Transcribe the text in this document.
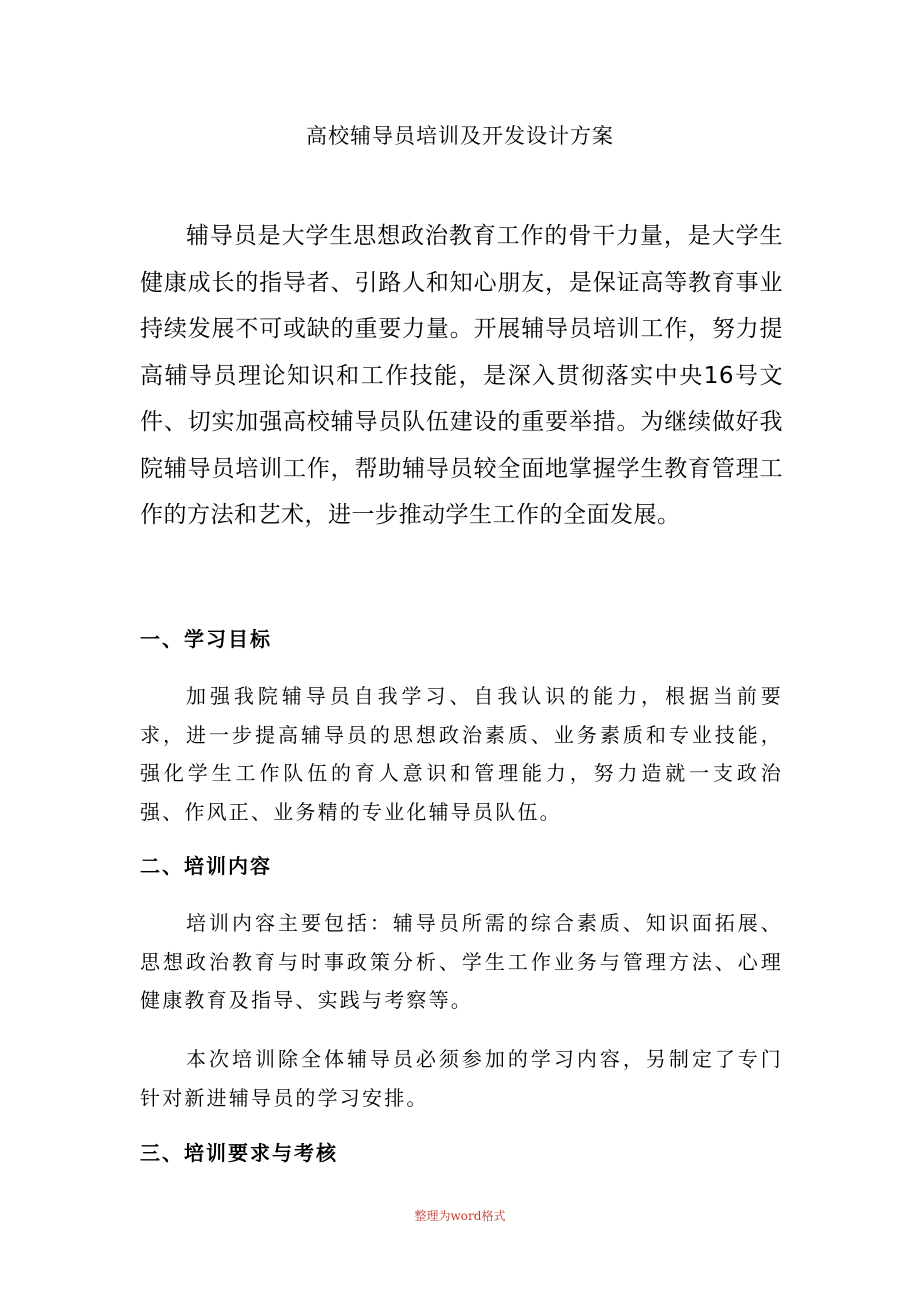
高校辅导员培训及开发设计方案

辅导员是大学生思想政治教育工作的骨干力量，是大学生健康成长的指导者、引路人和知心朋友，是保证高等教育事业持续发展不可或缺的重要力量。开展辅导员培训工作，努力提高辅导员理论知识和工作技能，是深入贯彻落实中央16号文件、切实加强高校辅导员队伍建设的重要举措。为继续做好我院辅导员培训工作，帮助辅导员较全面地掌握学生教育管理工作的方法和艺术，进一步推动学生工作的全面发展。

一、学习目标

加强我院辅导员自我学习、自我认识的能力，根据当前要求，进一步提高辅导员的思想政治素质、业务素质和专业技能，强化学生工作队伍的育人意识和管理能力，努力造就一支政治强、作风正、业务精的专业化辅导员队伍。

二、培训内容

培训内容主要包括：辅导员所需的综合素质、知识面拓展、思想政治教育与时事政策分析、学生工作业务与管理方法、心理健康教育及指导、实践与考察等。

本次培训除全体辅导员必须参加的学习内容，另制定了专门针对新进辅导员的学习安排。

三、培训要求与考核

整理为word格式
